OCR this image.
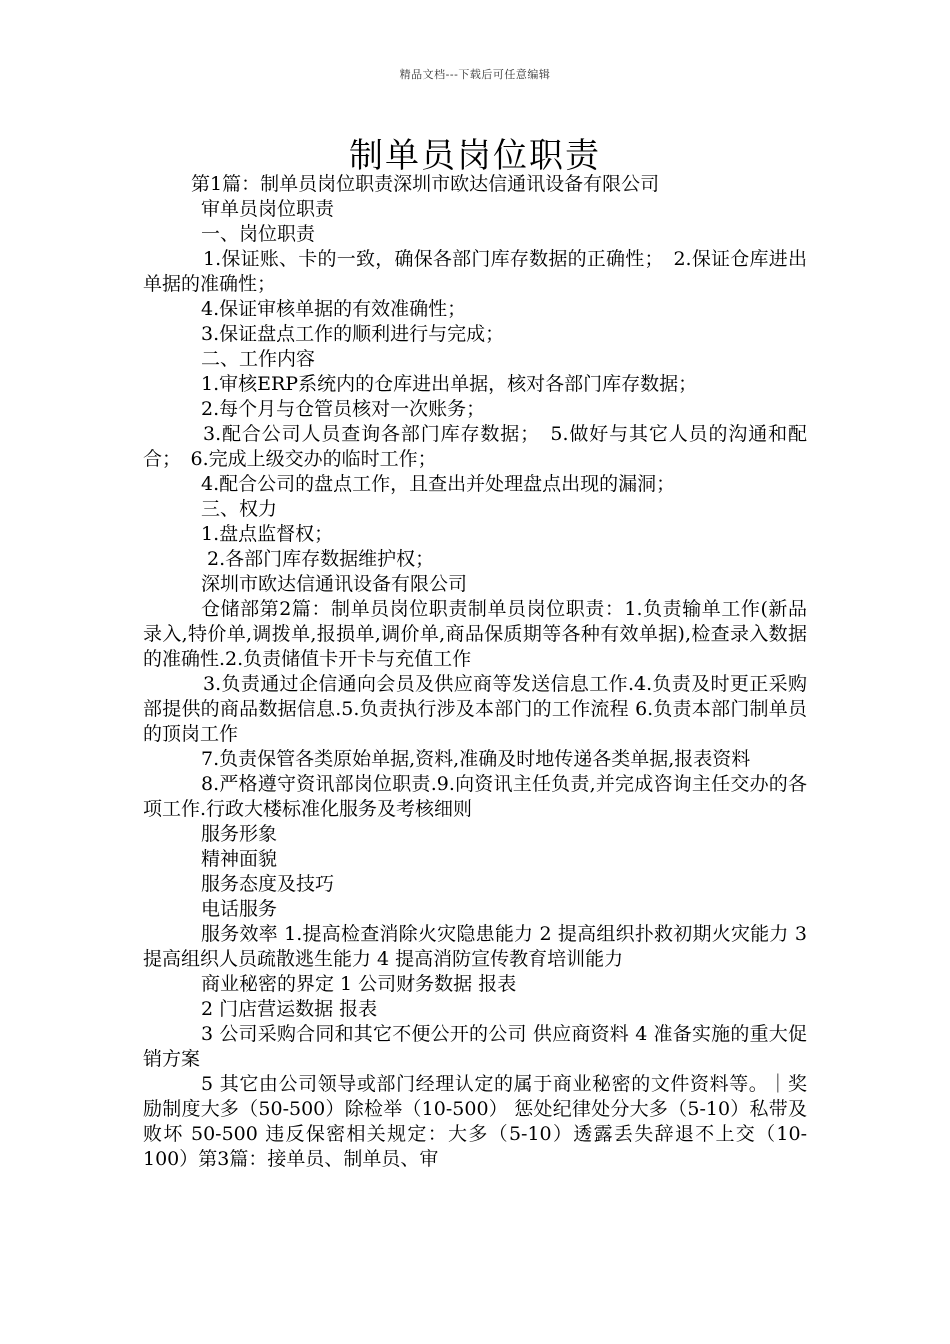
精品文档---下载后可任意编辑
制单员岗位职责

第1篇：制单员岗位职责深圳市欧达信通讯设备有限公司

审单员岗位职责

一、岗位职责

1.保证账、卡的一致，确保各部门库存数据的正确性；　2.保证仓库进出单据的准确性；

4.保证审核单据的有效准确性；

3.保证盘点工作的顺利进行与完成；

二、工作内容

1.审核ERP系统内的仓库进出单据，核对各部门库存数据；

2.每个月与仓管员核对一次账务；

3.配合公司人员查询各部门库存数据；　5.做好与其它人员的沟通和配合；　6.完成上级交办的临时工作；

4.配合公司的盘点工作，且查出并处理盘点出现的漏洞；

三、权力

1.盘点监督权；

2.各部门库存数据维护权；

深圳市欧达信通讯设备有限公司

仓储部第2篇：制单员岗位职责制单员岗位职责：1.负责输单工作(新品录入,特价单,调拨单,报损单,调价单,商品保质期等各种有效单据),检查录入数据的准确性.2.负责储值卡开卡与充值工作

3.负责通过企信通向会员及供应商等发送信息工作.4.负责及时更正采购部提供的商品数据信息.5.负责执行涉及本部门的工作流程 6.负责本部门制单员的顶岗工作

7.负责保管各类原始单据,资料,准确及时地传递各类单据,报表资料

8.严格遵守资讯部岗位职责.9.向资讯主任负责,并完成咨询主任交办的各项工作.行政大楼标准化服务及考核细则

服务形象

精神面貌

服务态度及技巧

电话服务

服务效率 1.提高检查消除火灾隐患能力 2 提高组织扑救初期火灾能力 3 提高组织人员疏散逃生能力 4 提高消防宣传教育培训能力

商业秘密的界定 1 公司财务数据 报表

2 门店营运数据 报表

3 公司采购合同和其它不便公开的公司 供应商资料 4 准备实施的重大促销方案

5 其它由公司领导或部门经理认定的属于商业秘密的文件资料等。｜奖励制度大多（50-500）除检举（10-500） 惩处纪律处分大多（5-10）私带及败坏 50-500 违反保密相关规定：大多（5-10）透露丢失辞退不上交（10-100）第3篇：接单员、制单员、审
